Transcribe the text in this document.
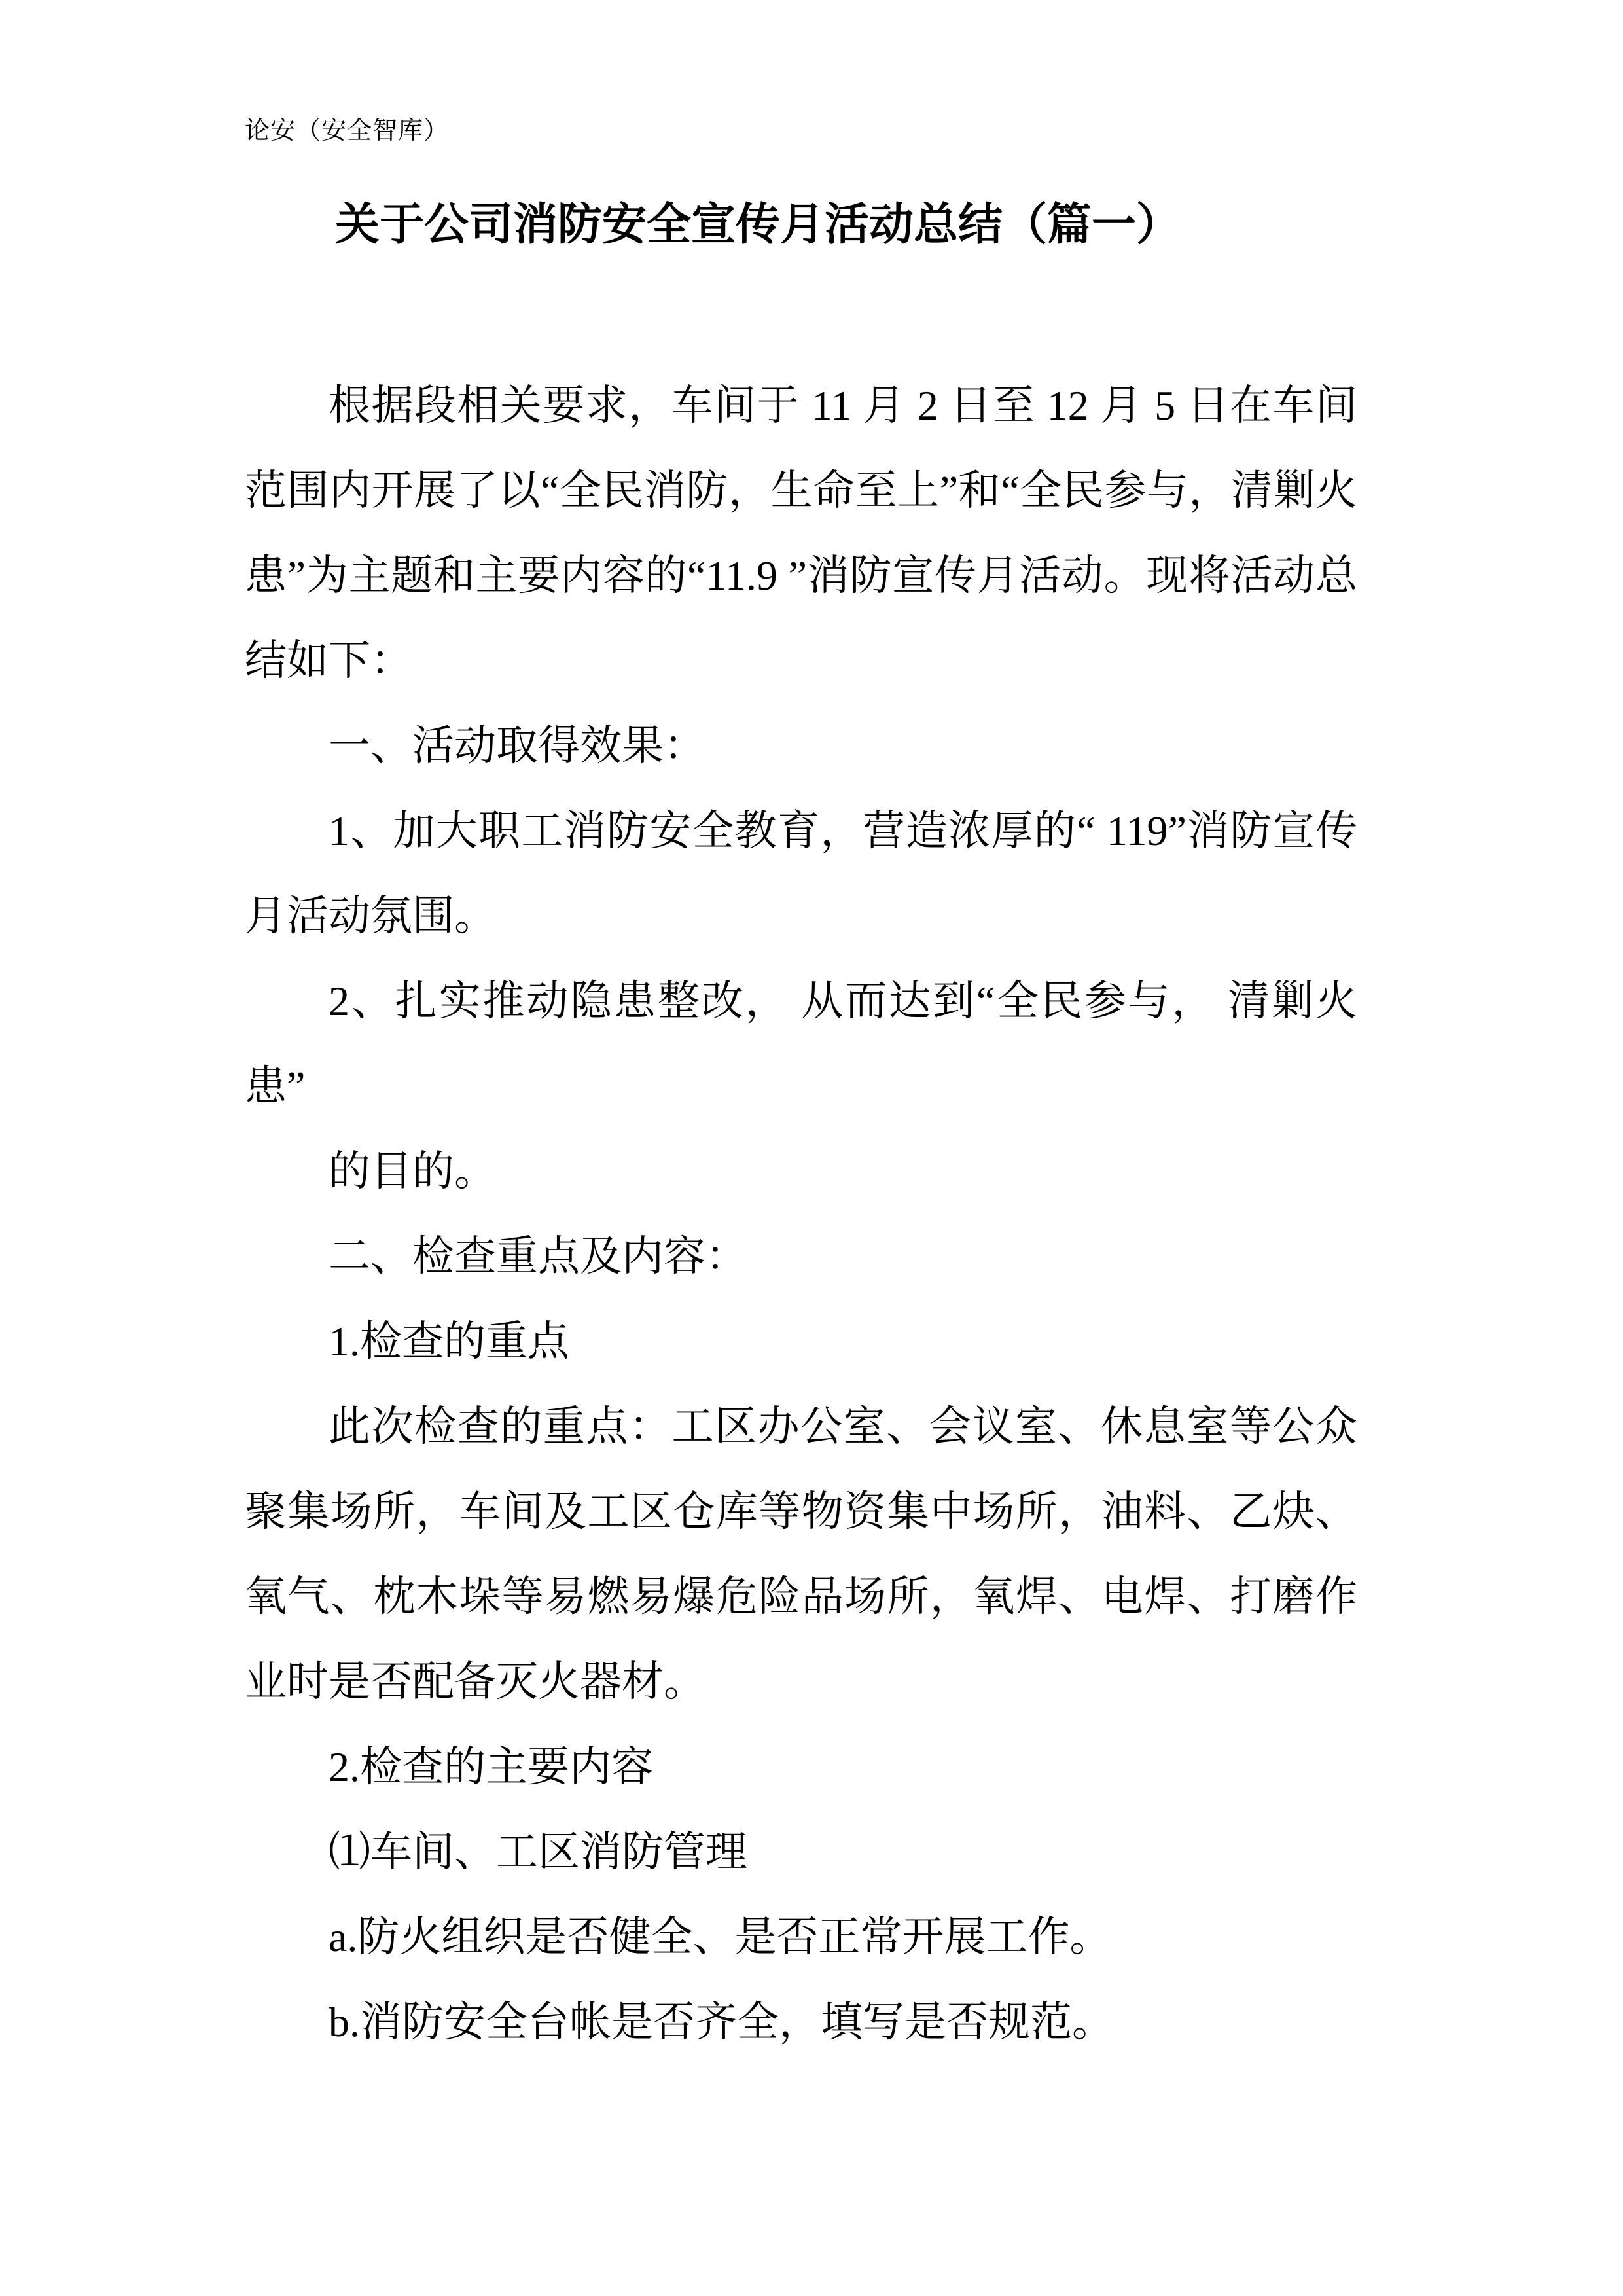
论安（安全智库）
关于公司消防安全宣传月活动总结（篇一）

根据段相关要求，车间于 11 月 2 日至 12 月 5 日在车间范围内开展了以“全民消防，生命至上”和“全民参与，清剿火患”为主题和主要内容的“11.9 ”消防宣传月活动。现将活动总结如下：

一、活动取得效果：

1、加大职工消防安全教育，营造浓厚的“ 119”消防宣传月活动氛围。

2、扎实推动隐患整改， 从而达到“全民参与， 清剿火患”

的目的。

二、检查重点及内容：

1.检查的重点

此次检查的重点：工区办公室、会议室、休息室等公众聚集场所，车间及工区仓库等物资集中场所，油料、乙炔、氧气、枕木垛等易燃易爆危险品场所，氧焊、电焊、打磨作业时是否配备灭火器材。

2.检查的主要内容

⑴车间、工区消防管理

a.防火组织是否健全、是否正常开展工作。

b.消防安全台帐是否齐全，填写是否规范。
